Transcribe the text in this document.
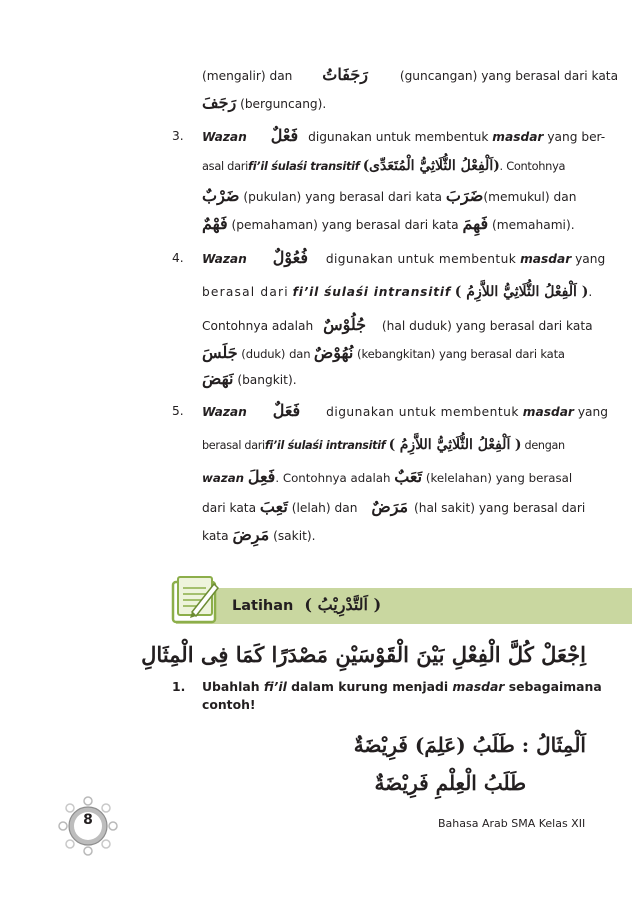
(mengalir) dan رَجَفَاتُ	(guncangan) yang berasal dari kata
رَجَفَ (berguncang).
3. Wazan فَعْلٌ digunakan untuk membentuk masdar yang ber-
asal darifi’il śulaśi transitif (اَلْفِعْلُ الثُّلَاثِيُّ الْمُتَعَدِّى). Contohnya
ضَرْبٌ (pukulan) yang berasal dari kata ضَرَبَ(memukul) dan
فَهْمٌ (pemahaman) yang berasal dari kata فَهِمَ (memahami).
4. Wazan فُعُوْلٌ digunakan untuk membentuk masdar yang
berasal dari fi’il śulaśi intransitif ( اَلْفِعْلُ الثُّلَاثِيُّ اللاَّزِمُ ).
Contohnya adalah جُلُوْسٌ (hal duduk) yang berasal dari kata
جَلَسَ (duduk) dan نُهُوْضٌ (kebangkitan) yang berasal dari kata
نَهَضَ (bangkit).
5. Wazan فَعَلٌ digunakan untuk membentuk masdar yang
berasal darifi’il śulaśi intransitif ( اَلْفِعْلُ الثُّلَاثِيُّ اللاَّزِمُ ) dengan
wazan فَعِلَ. Contohnya adalah تَعَبٌ (kelelahan) yang berasal
dari kata تَعِبَ (lelah) dan مَرَضٌ (hal sakit) yang berasal dari
kata مَرِضَ (sakit).
Latihan ( اَلتَّدْرِيْبُ )
اِجْعَلْ كُلَّ الْفِعْلِ بَيْنَ الْقَوْسَيْنِ مَصْدَرًا كَمَا فِى الْمِثَالِ
1. Ubahlah fi’il dalam kurung menjadi masdar sebagaimana
contoh!
اَلْمِثَالُ : طَلَبُ (عَلِمَ) فَرِيْضَةٌ
طَلَبُ الْعِلْمِ فَرِيْضَةٌ
8	Bahasa Arab SMA Kelas XII
